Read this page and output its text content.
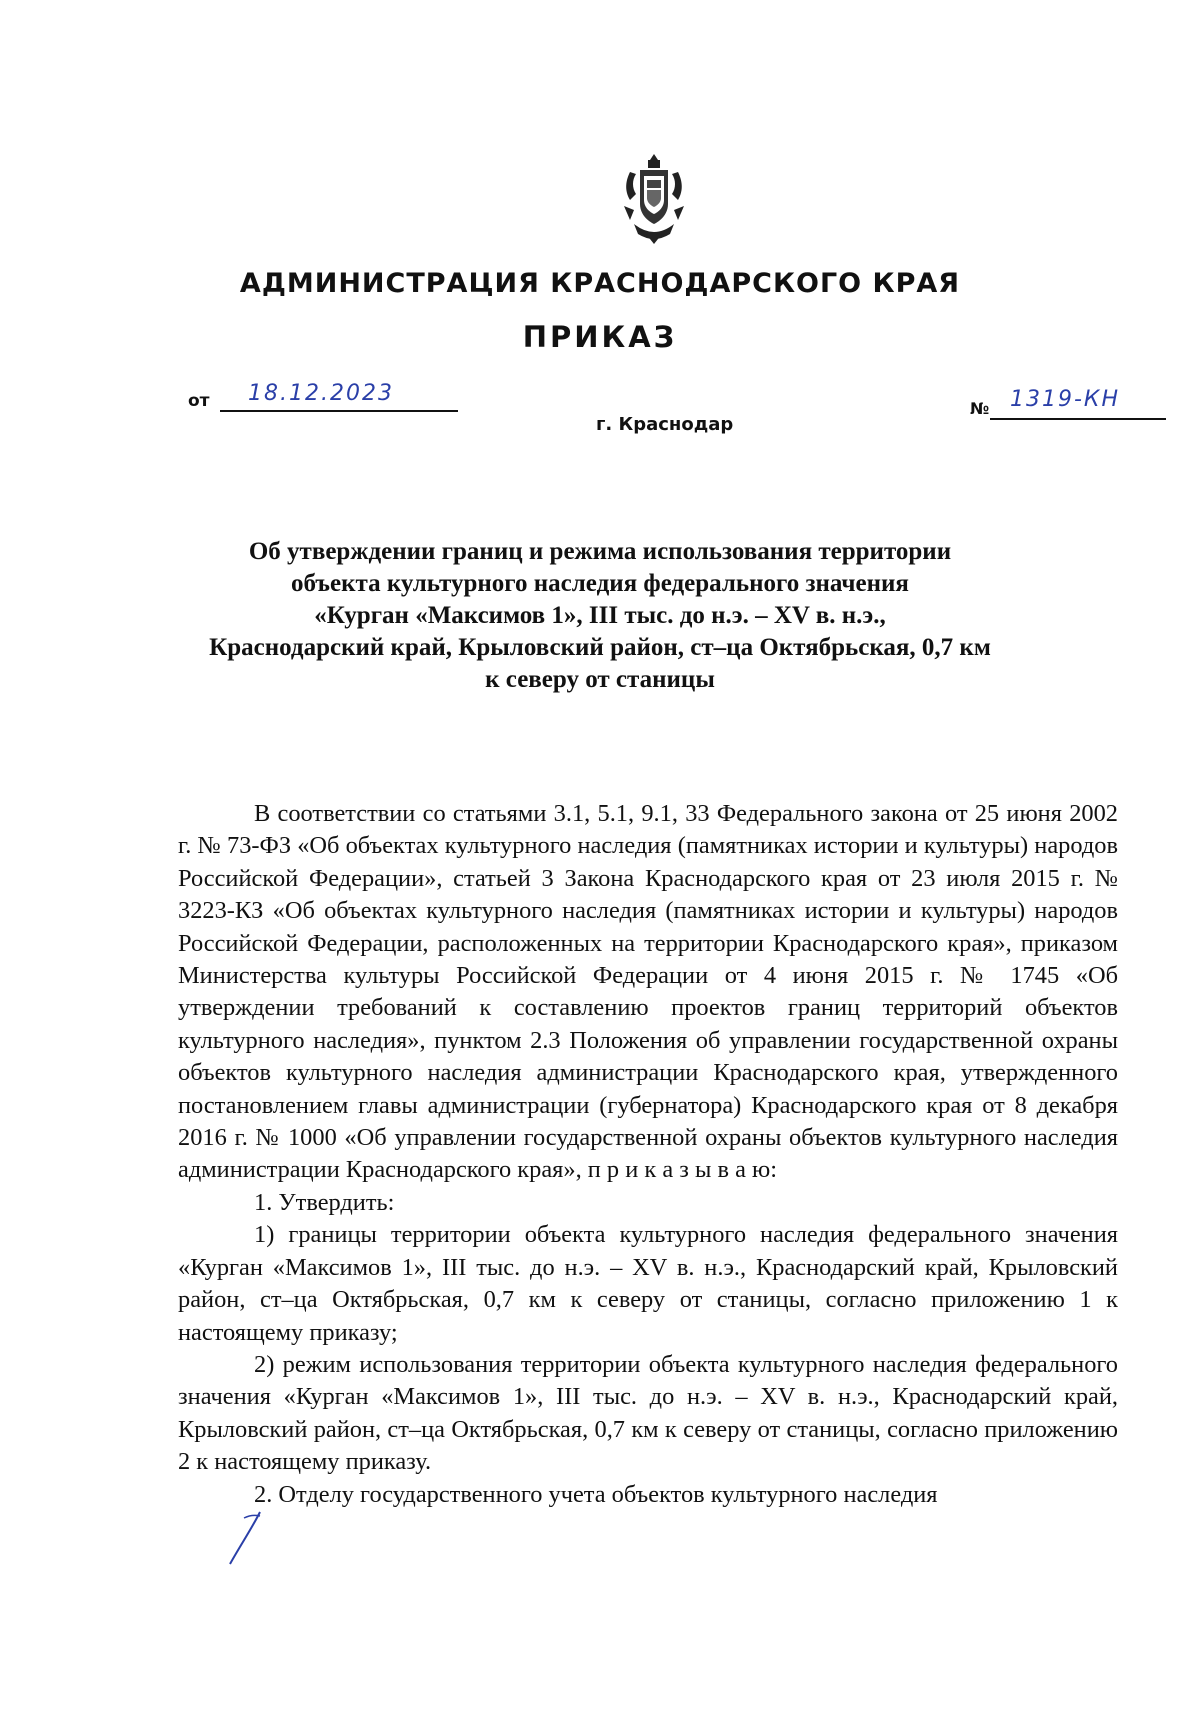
АДМИНИСТРАЦИЯ КРАСНОДАРСКОГО КРАЯ
ПРИКАЗ
от 18.12.2023
г. Краснодар
№ 1319-КН
Об утверждении границ и режима использования территории
объекта культурного наследия федерального значения
«Курган «Максимов 1», III тыс. до н.э. – XV в. н.э.,
Краснодарский край, Крыловский район, ст–ца Октябрьская, 0,7 км
к северу от станицы

В соответствии со статьями 3.1, 5.1, 9.1, 33 Федерального закона от 25 июня 2002 г. № 73-ФЗ «Об объектах культурного наследия (памятниках истории и культуры) народов Российской Федерации», статьей 3 Закона Краснодарского края от 23 июля 2015 г. № 3223-КЗ «Об объектах культурного наследия (памятниках истории и культуры) народов Российской Федерации, расположенных на территории Краснодарского края», приказом Министерства культуры Российской Федерации от 4 июня 2015 г. № 1745 «Об утверждении требований к составлению проектов границ территорий объектов культурного наследия», пунктом 2.3 Положения об управлении государственной охраны объектов культурного наследия администрации Краснодарского края, утвержденного постановлением главы администрации (губернатора) Краснодарского края от 8 декабря 2016 г. № 1000 «Об управлении государственной охраны объектов культурного наследия администрации Краснодарского края», п р и к а з ы в а ю:

1. Утвердить:

1) границы территории объекта культурного наследия федерального значения «Курган «Максимов 1», III тыс. до н.э. – XV в. н.э., Краснодарский край, Крыловский район, ст–ца Октябрьская, 0,7 км к северу от станицы, согласно приложению 1 к настоящему приказу;

2) режим использования территории объекта культурного наследия федерального значения «Курган «Максимов 1», III тыс. до н.э. – XV в. н.э., Краснодарский край, Крыловский район, ст–ца Октябрьская, 0,7 км к северу от станицы, согласно приложению 2 к настоящему приказу.

2. Отделу государственного учета объектов культурного наследия
